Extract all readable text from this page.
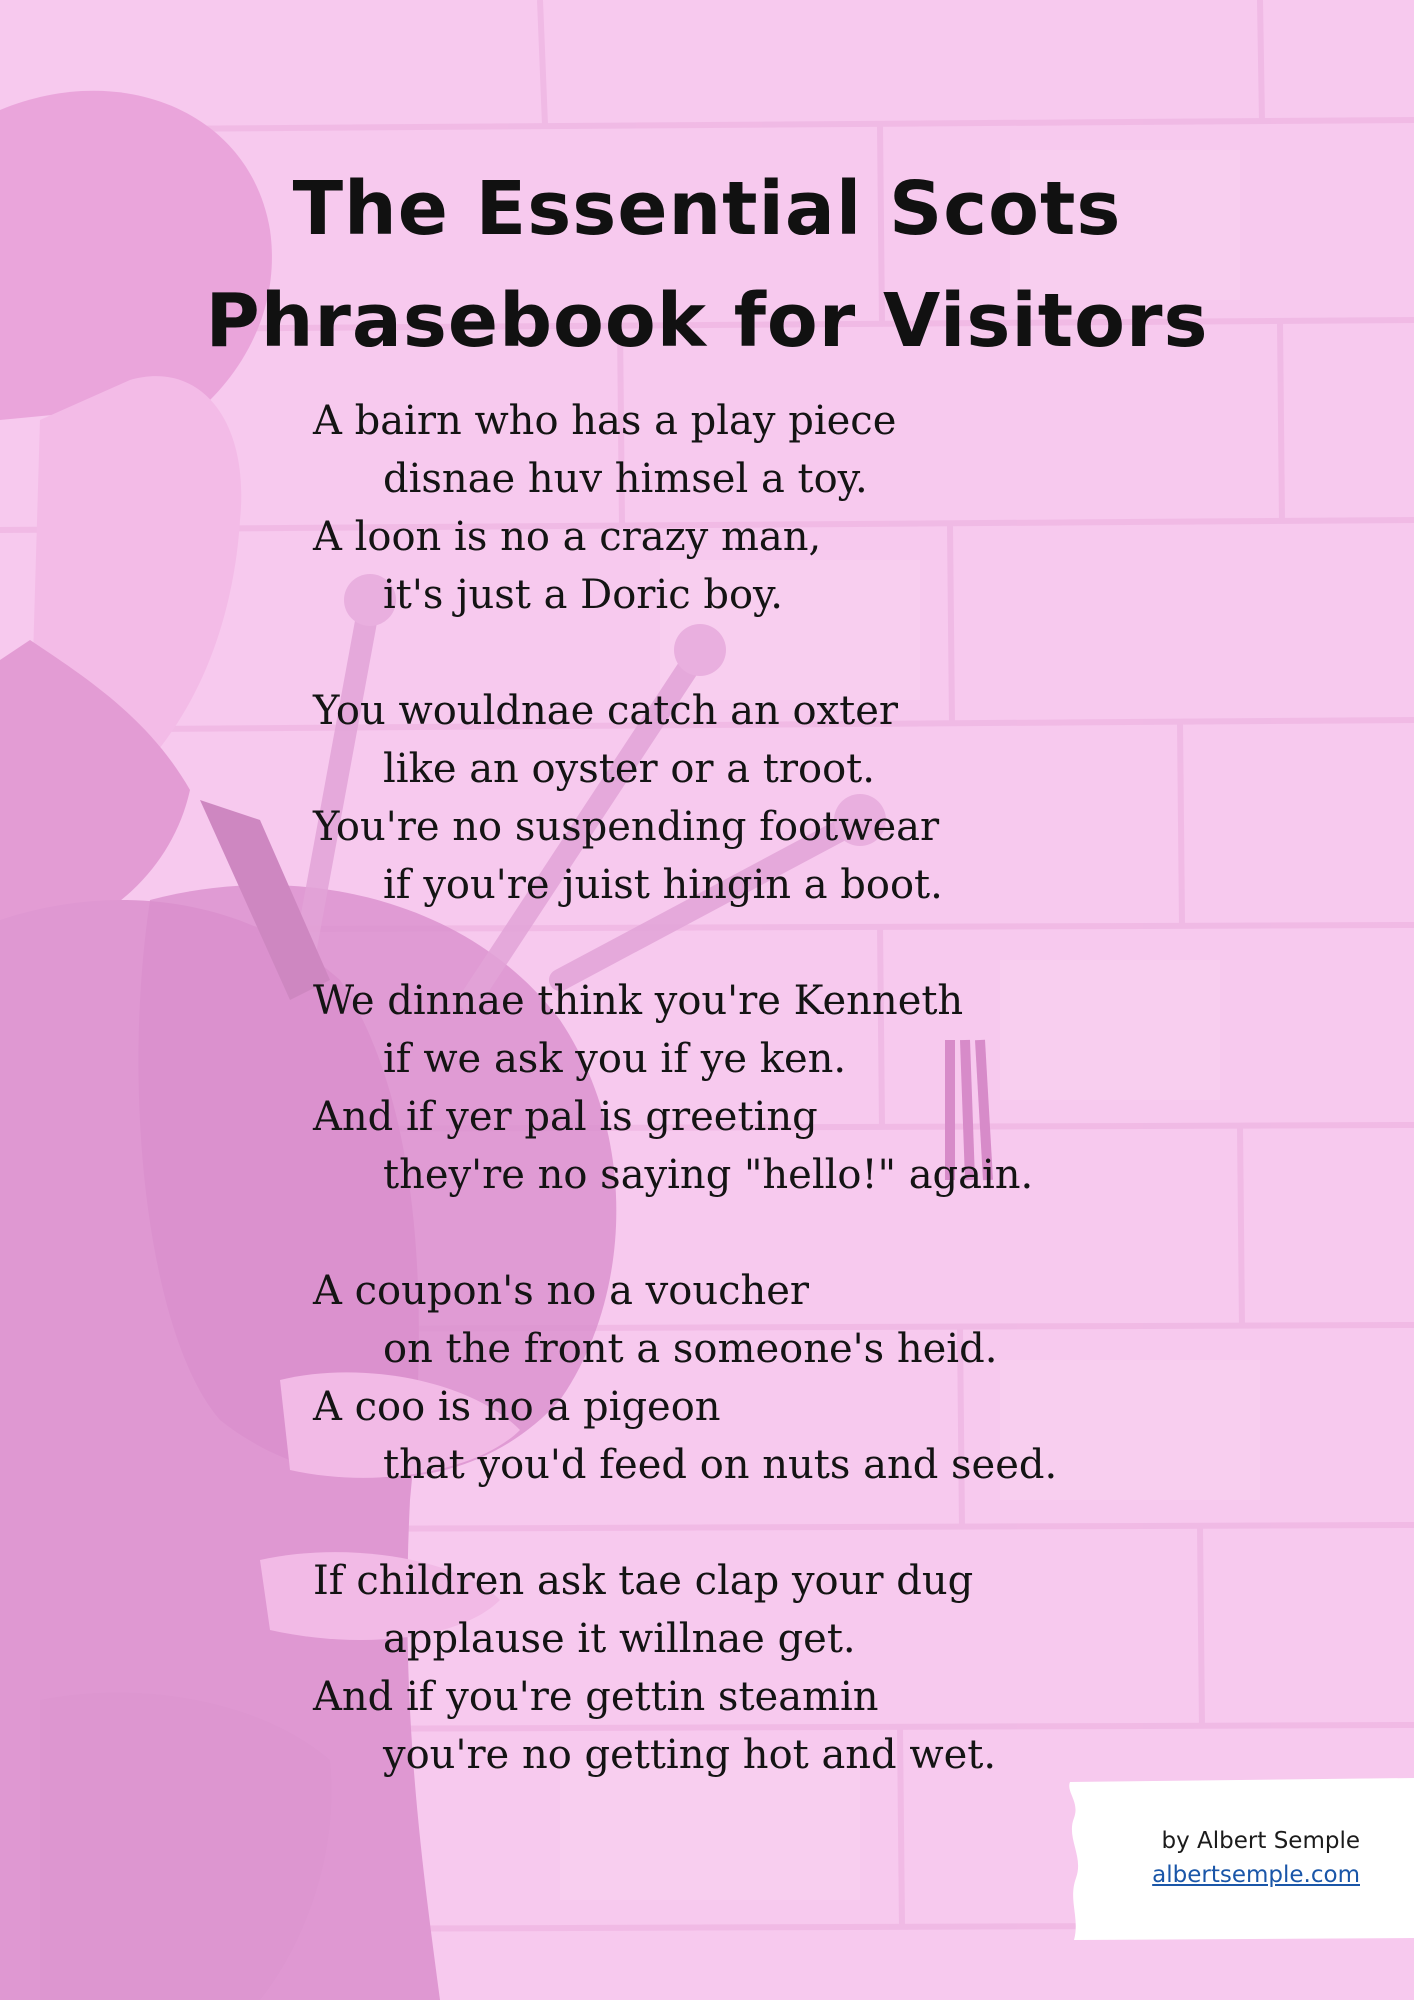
The Essential Scots
Phrasebook for Visitors
A bairn who has a play piece
disnae huv himsel a toy.
A loon is no a crazy man,
it's just a Doric boy.
You wouldnae catch an oxter
like an oyster or a troot.
You're no suspending footwear
if you're juist hingin a boot.
We dinnae think you're Kenneth
if we ask you if ye ken.
And if yer pal is greeting
they're no saying "hello!" again.
A coupon's no a voucher
on the front a someone's heid.
A coo is no a pigeon
that you'd feed on nuts and seed.
If children ask tae clap your dug
applause it willnae get.
And if you're gettin steamin
you're no getting hot and wet.
by Albert Semple
albertsemple.com
